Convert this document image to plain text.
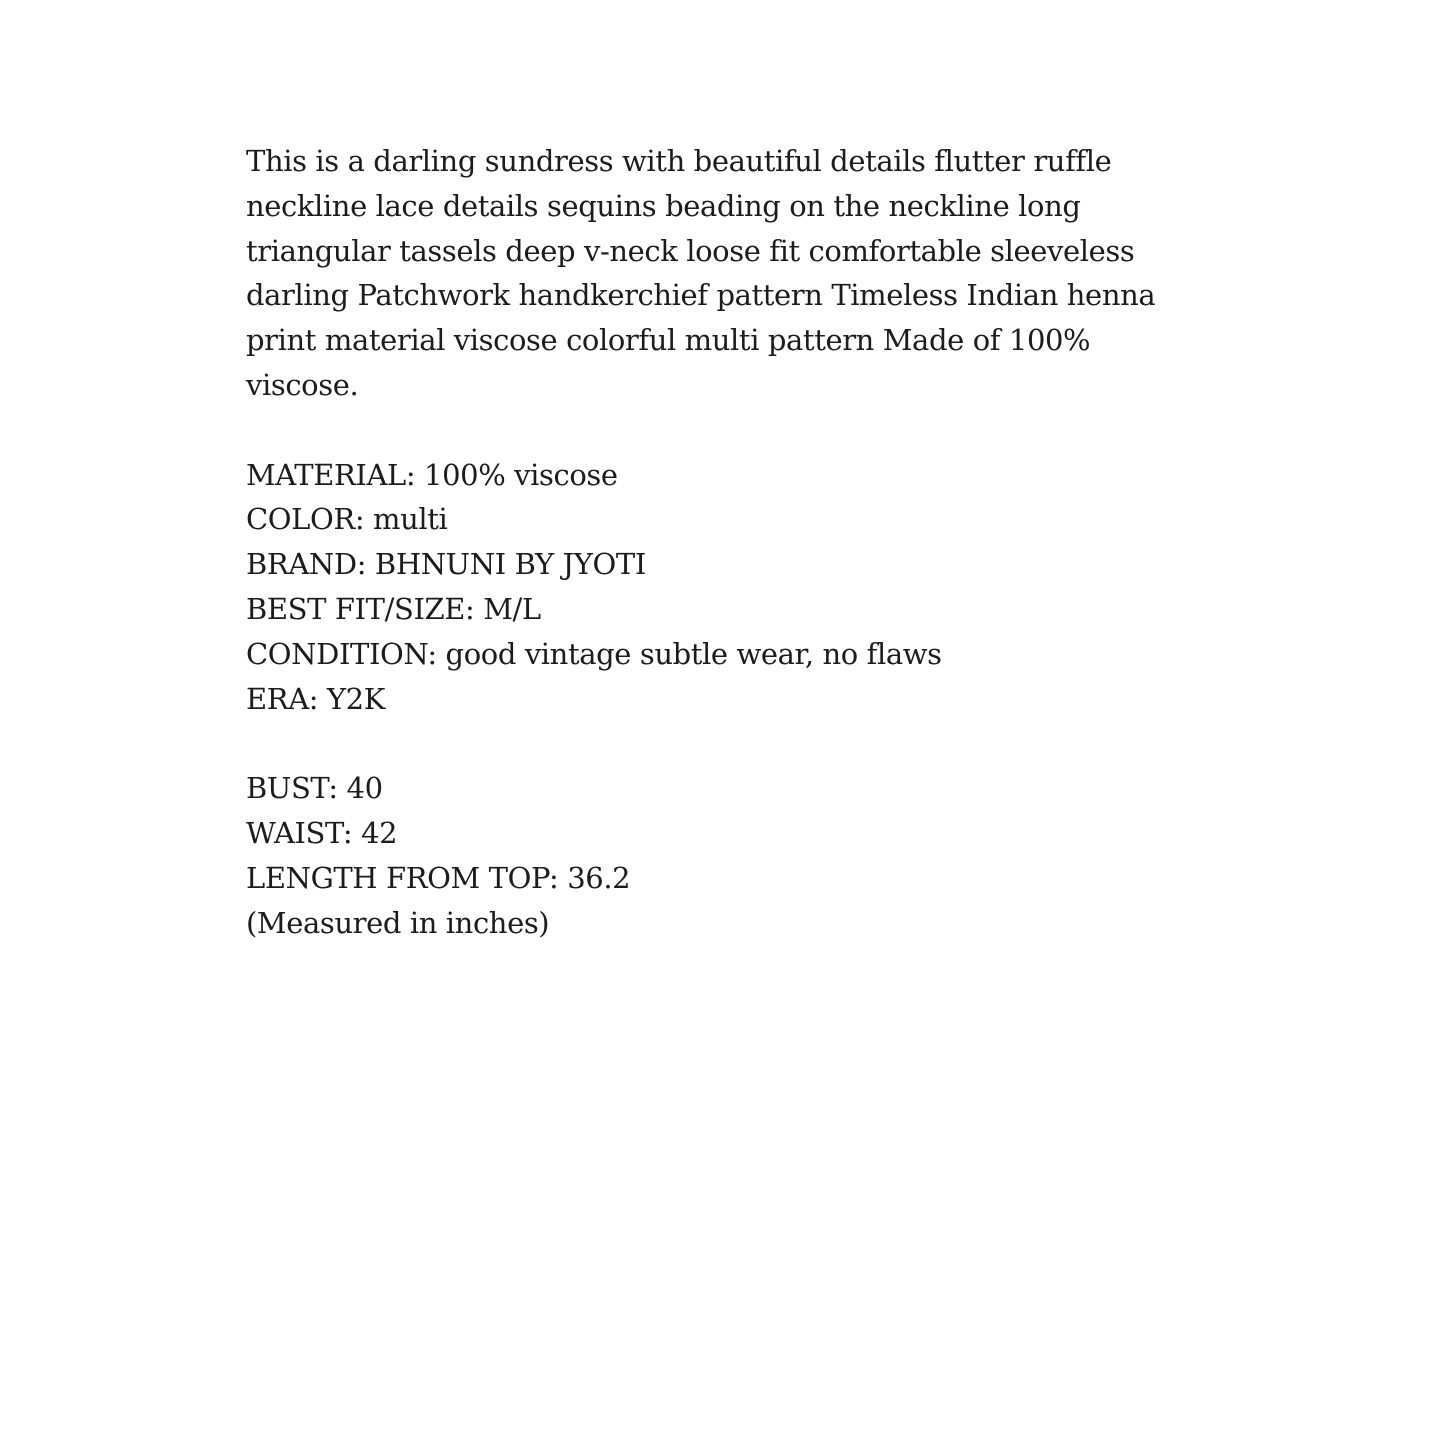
This is a darling sundress with beautiful details flutter ruffle
neckline lace details sequins beading on the neckline long
triangular tassels deep v-neck loose fit comfortable sleeveless
darling Patchwork handkerchief pattern Timeless Indian henna
print material viscose colorful multi pattern Made of 100%
viscose.

MATERIAL: 100% viscose
COLOR: multi
BRAND: BHNUNI BY JYOTI
BEST FIT/SIZE: M/L
CONDITION: good vintage subtle wear, no flaws
ERA: Y2K
BUST: 40
WAIST: 42
LENGTH FROM TOP: 36.2
(Measured in inches)
